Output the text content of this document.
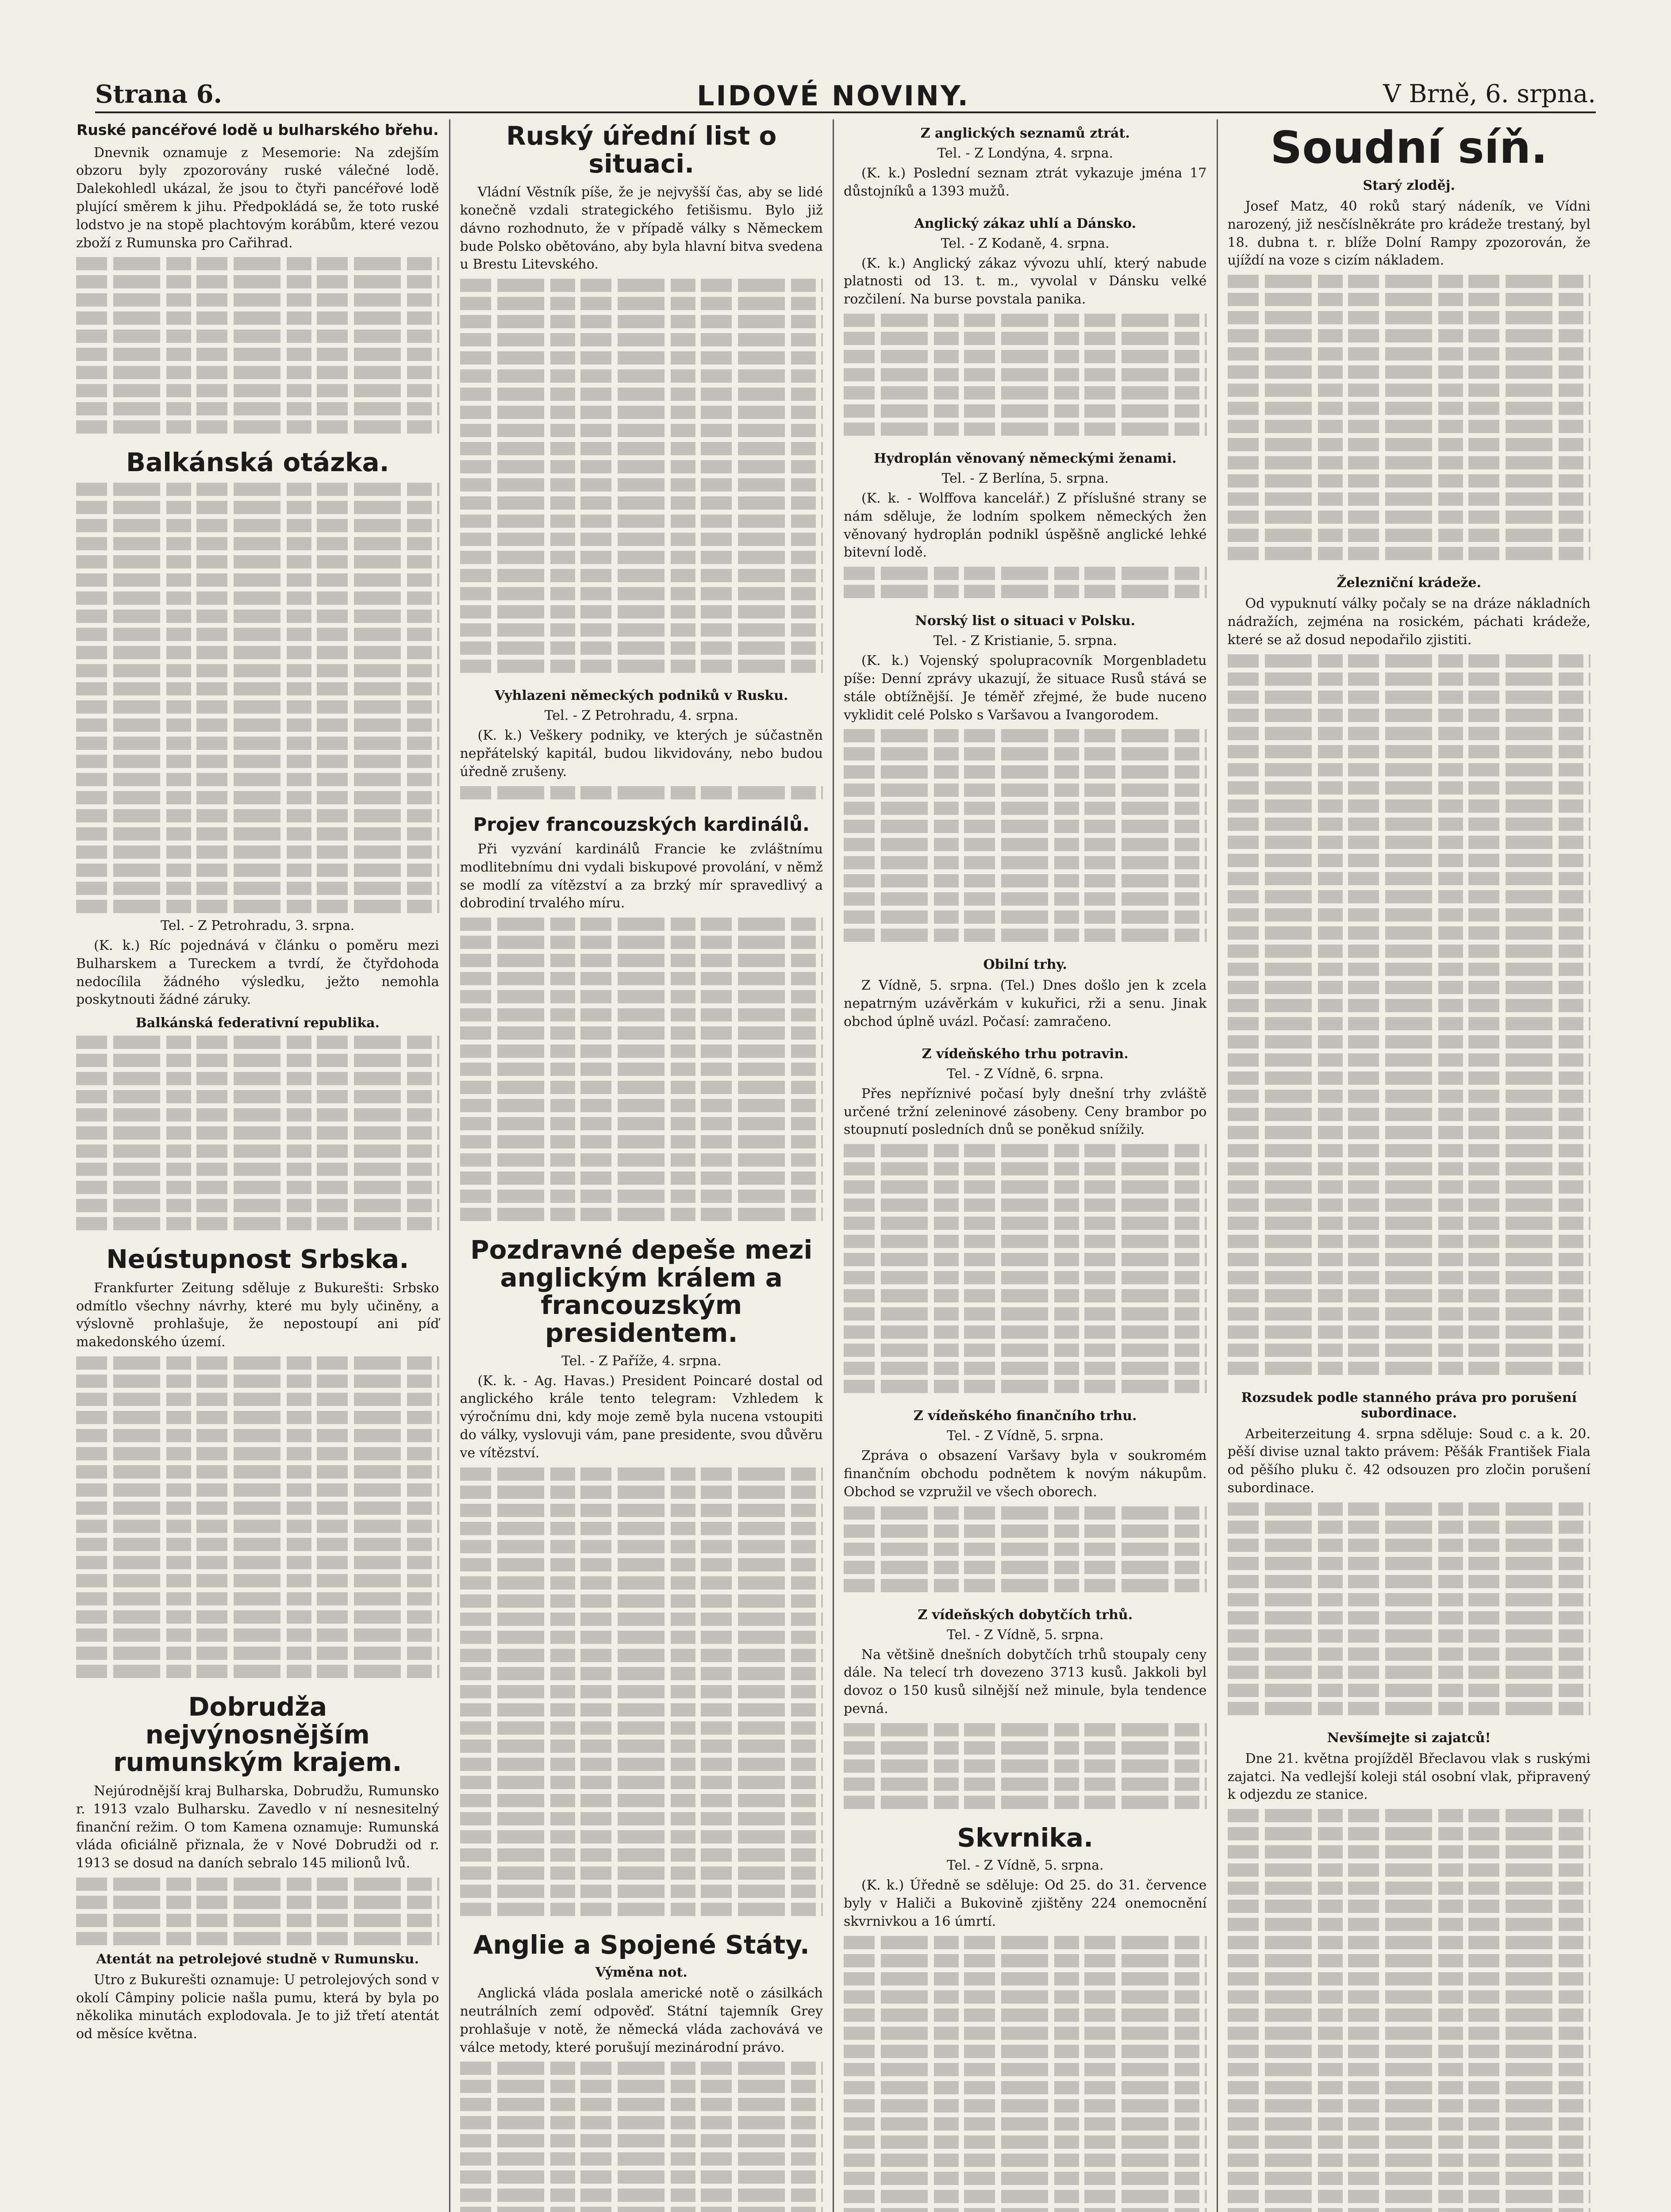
Strana 6.	LIDOVÉ NOVINY.	V Brně, 6. srpna.
Ruské pancéřové lodě u bulharského břehu.

Dnevnik oznamuje z Mesemorie: Na zdejším obzoru byly zpozorovány ruské válečné lodě. Dalekohledl ukázal, že jsou to čtyři pancéřové lodě plující směrem k jihu. Předpokládá se, že toto ruské lodstvo je na stopě plachtovým korábům, které vezou zboží z Rumunska pro Cařihrad.

Balkánská otázka.
Tel. - Z Petrohradu, 3. srpna.

(K. k.) Ríc pojednává v článku o poměru mezi Bulharskem a Tureckem a tvrdí, že čtyřdohoda nedocílila žádného výsledku, ježto nemohla poskytnouti žádné záruky.

Balkánská federativní republika.
Neústupnost Srbska.

Frankfurter Zeitung sděluje z Bukurešti: Srbsko odmítlo všechny návrhy, které mu byly učiněny, a výslovně prohlašuje, že nepostoupí ani píď makedonského území.

Dobrudža nejvýnosnějším rumunským krajem.

Nejúrodnější kraj Bulharska, Dobrudžu, Rumunsko r. 1913 vzalo Bulharsku. Zavedlo v ní nesnesitelný finanční režim. O tom Kamena oznamuje: Rumunská vláda oficiálně přiznala, že v Nové Dobrudži od r. 1913 se dosud na daních sebralo 145 milionů lvů.

Atentát na petrolejové studně v Rumunsku.

Utro z Bukurešti oznamuje: U petrolejových sond v okolí Câmpiny policie našla pumu, která by byla po několika minutách explodovala. Je to již třetí atentát od měsíce května.

Ruský úřední list o situaci.

Vládní Věstník píše, že je nejvyšší čas, aby se lidé konečně vzdali strategického fetišismu. Bylo již dávno rozhodnuto, že v případě války s Německem bude Polsko obětováno, aby byla hlavní bitva svedena u Brestu Litevského.

Vyhlazeni německých podniků v Rusku.
Tel. - Z Petrohradu, 4. srpna.

(K. k.) Veškery podniky, ve kterých je súčastněn nepřátelský kapitál, budou likvidovány, nebo budou úředně zrušeny.

Projev francouzských kardinálů.

Při vyzvání kardinálů Francie ke zvláštnímu modlitebnímu dni vydali biskupové provolání, v němž se modlí za vítězství a za brzký mír spravedlivý a dobrodiní trvalého míru.

Pozdravné depeše mezi anglickým králem a francouzským presidentem.
Tel. - Z Paříže, 4. srpna.

(K. k. - Ag. Havas.) President Poincaré dostal od anglického krále tento telegram: Vzhledem k výročnímu dni, kdy moje země byla nucena vstoupiti do války, vyslovuji vám, pane presidente, svou důvěru ve vítězství.

Anglie a Spojené Státy.
Výměna not.

Anglická vláda poslala americké notě o zásilkách neutrálních zemí odpověď. Státní tajemník Grey prohlašuje v notě, že německá vláda zachovává ve válce metody, které porušují mezinárodní právo.

Z anglických seznamů ztrát.
Tel. - Z Londýna, 4. srpna.

(K. k.) Poslední seznam ztrát vykazuje jména 17 důstojníků a 1393 mužů.

Anglický zákaz uhlí a Dánsko.
Tel. - Z Kodaně, 4. srpna.

(K. k.) Anglický zákaz vývozu uhlí, který nabude platnosti od 13. t. m., vyvolal v Dánsku velké rozčilení. Na burse povstala panika.

Hydroplán věnovaný německými ženami.
Tel. - Z Berlína, 5. srpna.

(K. k. - Wolffova kancelář.) Z příslušné strany se nám sděluje, že lodním spolkem německých žen věnovaný hydroplán podnikl úspěšně anglické lehké bitevní lodě.

Norský list o situaci v Polsku.
Tel. - Z Kristianie, 5. srpna.

(K. k.) Vojenský spolupracovník Morgenbladetu píše: Denní zprávy ukazují, že situace Rusů stává se stále obtížnější. Je téměř zřejmé, že bude nuceno vyklidit celé Polsko s Varšavou a Ivangorodem.

Obilní trhy.

Z Vídně, 5. srpna. (Tel.) Dnes došlo jen k zcela nepatrným uzávěrkám v kukuřici, rži a senu. Jinak obchod úplně uvázl. Počasí: zamračeno.

Z vídeňského trhu potravin.
Tel. - Z Vídně, 6. srpna.

Přes nepříznivé počasí byly dnešní trhy zvláště určené tržní zeleninové zásobeny. Ceny brambor po stoupnutí posledních dnů se poněkud snížily.

Z vídeňského finančního trhu.
Tel. - Z Vídně, 5. srpna.

Zpráva o obsazení Varšavy byla v soukromém finančním obchodu podnětem k novým nákupům. Obchod se vzpružil ve všech oborech.

Z vídeňských dobytčích trhů.
Tel. - Z Vídně, 5. srpna.

Na většině dnešních dobytčích trhů stoupaly ceny dále. Na telecí trh dovezeno 3713 kusů. Jakkoli byl dovoz o 150 kusů silnější než minule, byla tendence pevná.

Skvrnika.
Tel. - Z Vídně, 5. srpna.

(K. k.) Úředně se sděluje: Od 25. do 31. července byly v Haliči a Bukovině zjištěny 224 onemocnění skvrnivkou a 16 úmrtí.

Soudní síň.
Starý zloděj.

Josef Matz, 40 roků starý nádeník, ve Vídni narozený, již nesčíslněkráte pro krádeže trestaný, byl 18. dubna t. r. blíže Dolní Rampy zpozorován, že ujíždí na voze s cizím nákladem.

Železniční krádeže.

Od vypuknutí války počaly se na dráze nákladních nádražích, zejména na rosickém, páchati krádeže, které se až dosud nepodařilo zjistiti.

Rozsudek podle stanného práva pro porušení subordinace.

Arbeiterzeitung 4. srpna sděluje: Soud c. a k. 20. pěší divise uznal takto právem: Pěšák František Fiala od pěšího pluku č. 42 odsouzen pro zločin porušení subordinace.

Nevšímejte si zajatců!

Dne 21. května projížděl Břeclavou vlak s ruskými zajatci. Na vedlejší koleji stál osobní vlak, připravený k odjezdu ze stanice.
